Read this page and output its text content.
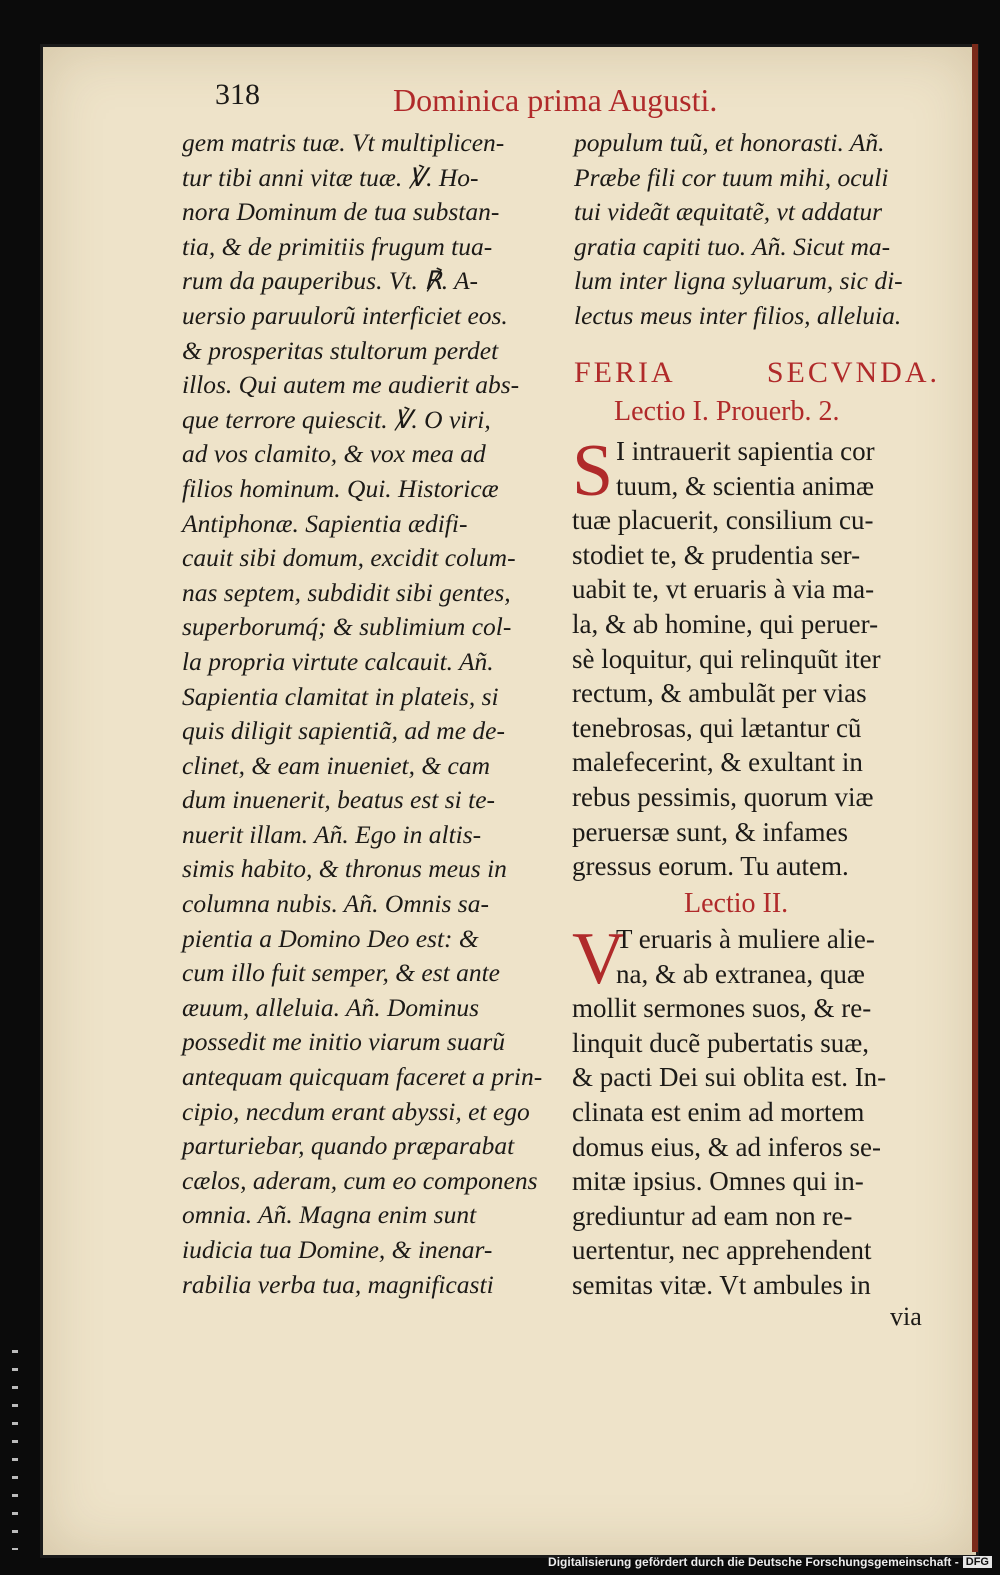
318	Dominica prima Augusti.
gem matris tuæ. Vt multiplicen-
tur tibi anni vitæ tuæ. ℣. Ho-
nora Dominum de tua substan-
tia, & de primitiis frugum tua-
rum da pauperibus. Vt. ℟. A-
uersio paruulorũ interficiet eos.
& prosperitas stultorum perdet
illos. Qui autem me audierit abs-
que terrore quiescit. ℣. O viri,
ad vos clamito, & vox mea ad
filios hominum. Qui. Historicæ
Antiphonæ. Sapientia ædifi-
cauit sibi domum, excidit colum-
nas septem, subdidit sibi gentes,
superborumq́; & sublimium col-
la propria virtute calcauit. Añ.
Sapientia clamitat in plateis, si
quis diligit sapientiã, ad me de-
clinet, & eam inueniet, & cam
dum inuenerit, beatus est si te-
nuerit illam. Añ. Ego in altis-
simis habito, & thronus meus in
columna nubis. Añ. Omnis sa-
pientia a Domino Deo est: &
cum illo fuit semper, & est ante
æuum, alleluia. Añ. Dominus
possedit me initio viarum suarũ
antequam quicquam faceret a prin-
cipio, necdum erant abyssi, et ego
parturiebar, quando præparabat
cælos, aderam, cum eo componens
omnia. Añ. Magna enim sunt
iudicia tua Domine, & inenar-
rabilia verba tua, magnificasti
populum tuũ, et honorasti. Añ.
Præbe fili cor tuum mihi, oculi
tui videãt æquitatẽ, vt addatur
gratia capiti tuo. Añ. Sicut ma-
lum inter ligna syluarum, sic di-
lectus meus inter filios, alleluia.
FERIA	SECVNDA.
Lectio I. Prouerb. 2.
S I intrauerit sapientia cor
tuum, & scientia animæ
tuæ placuerit, consilium cu-
stodiet te, & prudentia ser-
uabit te, vt eruaris à via ma-
la, & ab homine, qui peruer-
sè loquitur, qui relinquũt iter
rectum, & ambulãt per vias
tenebrosas, qui lætantur cũ
malefecerint, & exultant in
rebus pessimis, quorum viæ
peruersæ sunt, & infames
gressus eorum. Tu autem.
Lectio II.
V
T eruaris à muliere alie-
na, & ab extranea, quæ
mollit sermones suos, & re-
linquit ducẽ pubertatis suæ,
& pacti Dei sui oblita est. In-
clinata est enim ad mortem
domus eius, & ad inferos se-
mitæ ipsius. Omnes qui in-
grediuntur ad eam non re-
uertentur, nec apprehendent
semitas vitæ. Vt ambules in
via
Digitalisierung gefördert durch die Deutsche Forschungsgemeinschaft - DFG
